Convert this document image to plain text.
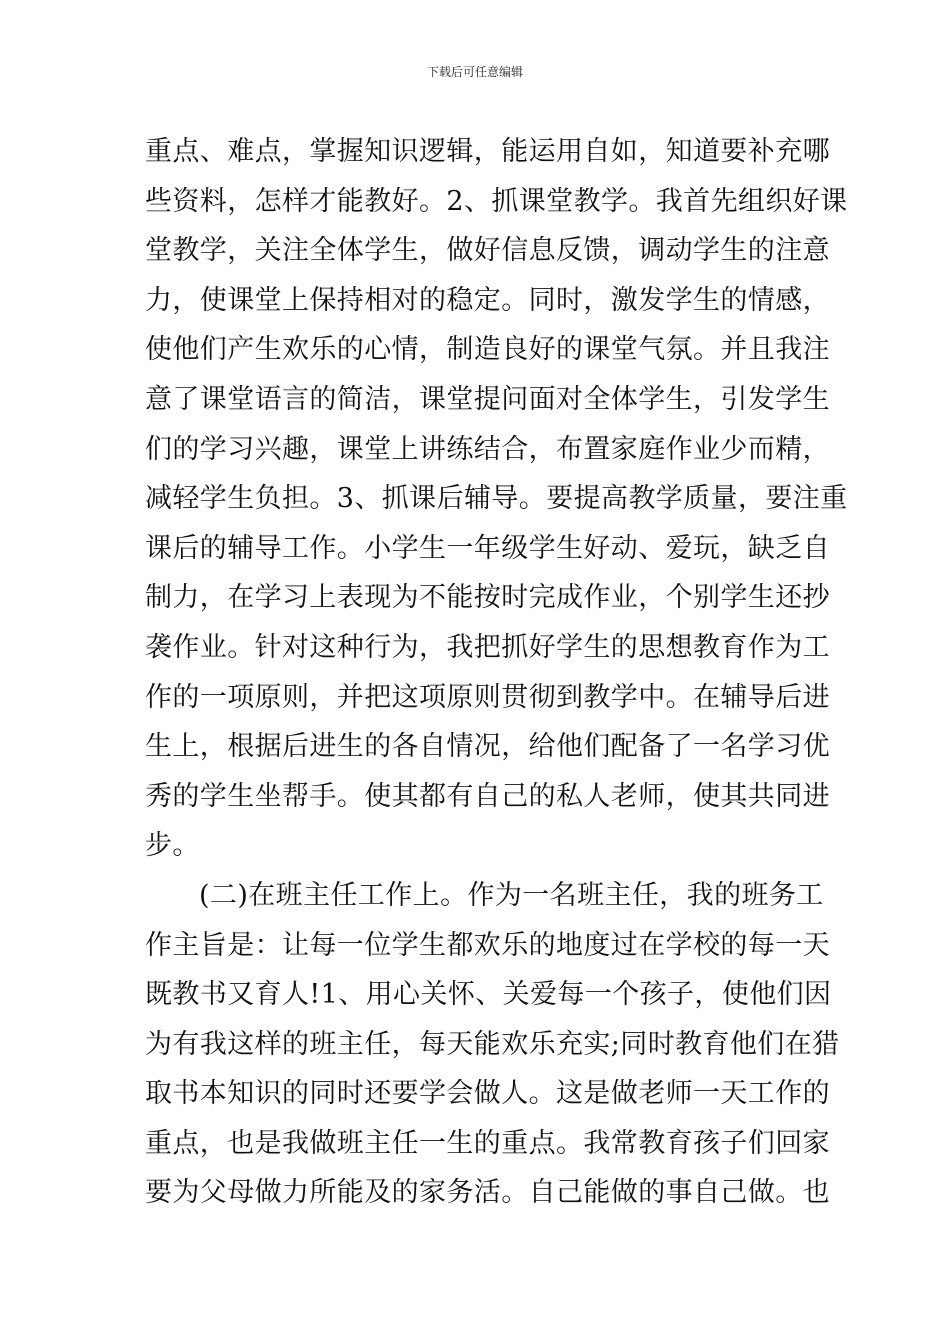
下载后可任意编辑
重点、难点，掌握知识逻辑，能运用自如，知道要补充哪
些资料，怎样才能教好。2、抓课堂教学。我首先组织好课
堂教学，关注全体学生，做好信息反馈，调动学生的注意
力，使课堂上保持相对的稳定。同时，激发学生的情感，
使他们产生欢乐的心情，制造良好的课堂气氛。并且我注
意了课堂语言的简洁，课堂提问面对全体学生，引发学生
们的学习兴趣，课堂上讲练结合，布置家庭作业少而精，
减轻学生负担。3、抓课后辅导。要提高教学质量，要注重
课后的辅导工作。小学生一年级学生好动、爱玩，缺乏自
制力，在学习上表现为不能按时完成作业，个别学生还抄
袭作业。针对这种行为，我把抓好学生的思想教育作为工
作的一项原则，并把这项原则贯彻到教学中。在辅导后进
生上，根据后进生的各自情况，给他们配备了一名学习优
秀的学生坐帮手。使其都有自己的私人老师，使其共同进
步。
(二)在班主任工作上。作为一名班主任，我的班务工
作主旨是：让每一位学生都欢乐的地度过在学校的每一天
既教书又育人!1、用心关怀、关爱每一个孩子，使他们因
为有我这样的班主任，每天能欢乐充实;同时教育他们在猎
取书本知识的同时还要学会做人。这是做老师一天工作的
重点，也是我做班主任一生的重点。我常教育孩子们回家
要为父母做力所能及的家务活。自己能做的事自己做。也
